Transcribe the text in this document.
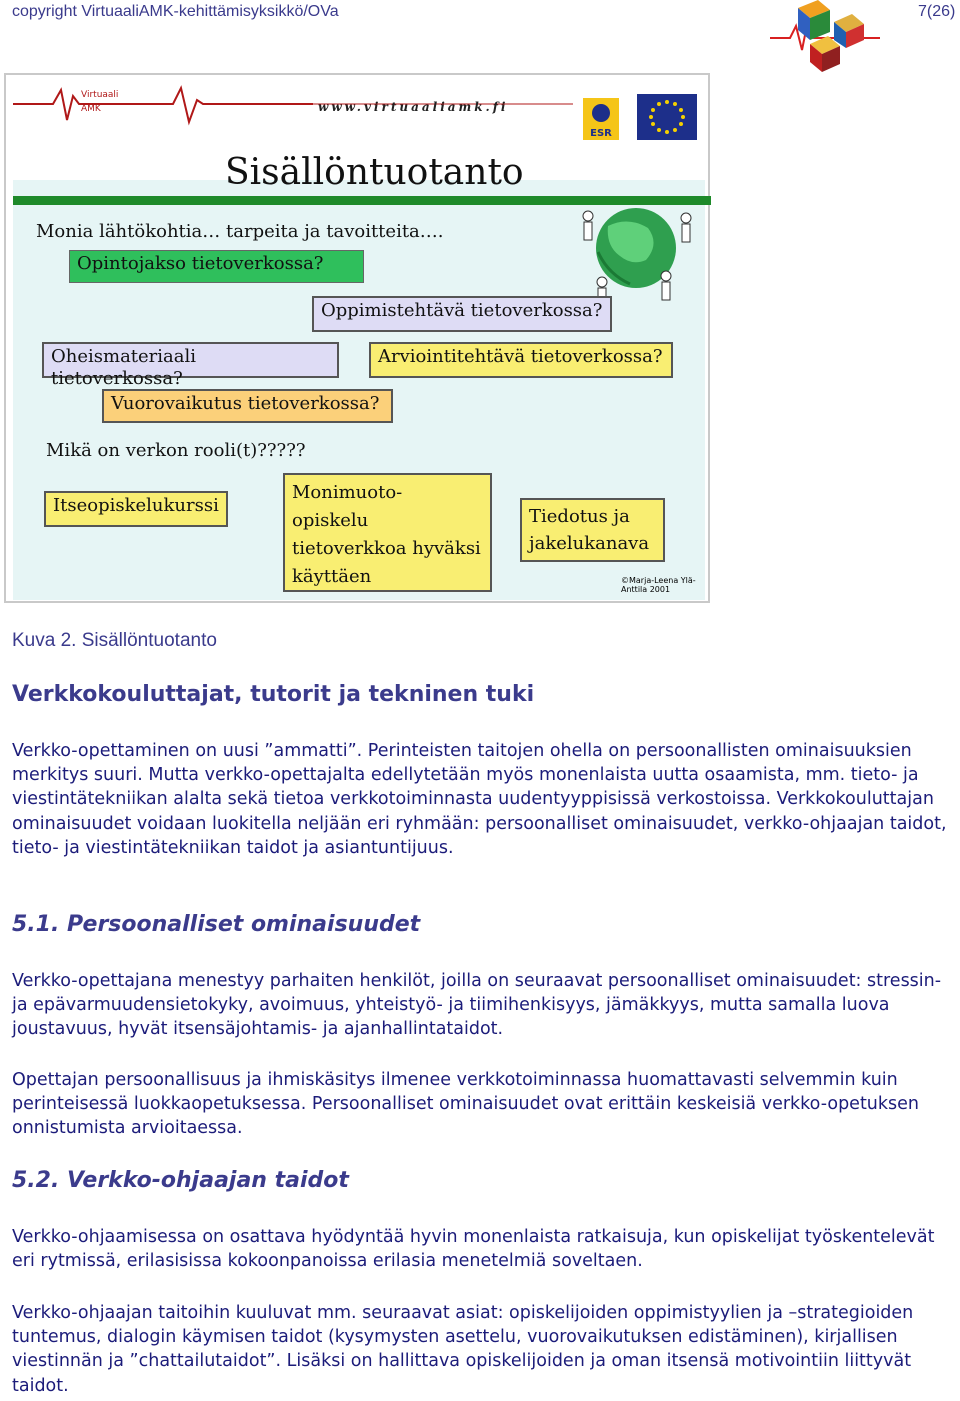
copyright VirtuaaliAMK-kehittämisyksikkö/OVa	7(26)
Virtuaali AMK	www.virtuaaliamk.fi
ESR
Sisällöntuotanto
Monia lähtökohtia… tarpeita ja tavoitteita….
Opintojakso tietoverkossa?
Oppimistehtävä tietoverkossa?
Oheismateriaali tietoverkossa?
Arviointitehtävä tietoverkossa?
Vuorovaikutus tietoverkossa?
Mikä on verkon rooli(t)?????
Itseopiskelukurssi
Monimuoto-
opiskelu
tietoverkkoa hyväksi
käyttäen
Tiedotus ja
jakelukanava
©Marja-Leena Ylä-Anttila 2001
Kuva 2. Sisällöntuotanto
Verkkokouluttajat, tutorit ja tekninen tuki

Verkko-opettaminen on uusi ”ammatti”. Perinteisten taitojen ohella on persoonallisten ominaisuuksien merkitys suuri. Mutta verkko-opettajalta edellytetään myös monenlaista uutta osaamista, mm. tieto- ja viestintätekniikan alalta sekä tietoa verkkotoiminnasta uudentyyppisissä verkostoissa. Verkkokouluttajan ominaisuudet voidaan luokitella neljään eri ryhmään: persoonalliset ominaisuudet, verkko-ohjaajan taidot, tieto- ja viestintätekniikan taidot ja asiantuntijuus.

5.1. Persoonalliset ominaisuudet

Verkko-opettajana menestyy parhaiten henkilöt, joilla on seuraavat persoonalliset ominaisuudet: stressin- ja epävarmuudensietokyky, avoimuus, yhteistyö- ja tiimihenkisyys, jämäkkyys, mutta samalla luova joustavuus, hyvät itsensäjohtamis- ja ajanhallintataidot.

Opettajan persoonallisuus ja ihmiskäsitys ilmenee verkkotoiminnassa huomattavasti selvemmin kuin perinteisessä luokkaopetuksessa. Persoonalliset ominaisuudet ovat erittäin keskeisiä verkko-opetuksen onnistumista arvioitaessa.

5.2. Verkko-ohjaajan taidot

Verkko-ohjaamisessa on osattava hyödyntää hyvin monenlaista ratkaisuja, kun opiskelijat työskentelevät eri rytmissä, erilasisissa kokoonpanoissa erilasia menetelmiä soveltaen.

Verkko-ohjaajan taitoihin kuuluvat mm. seuraavat asiat: opiskelijoiden oppimistyylien ja –strategioiden tuntemus, dialogin käymisen taidot (kysymysten asettelu, vuorovaikutuksen edistäminen), kirjallisen viestinnän ja ”chattailutaidot”. Lisäksi on hallittava opiskelijoiden ja oman itsensä motivointiin liittyvät taidot.
